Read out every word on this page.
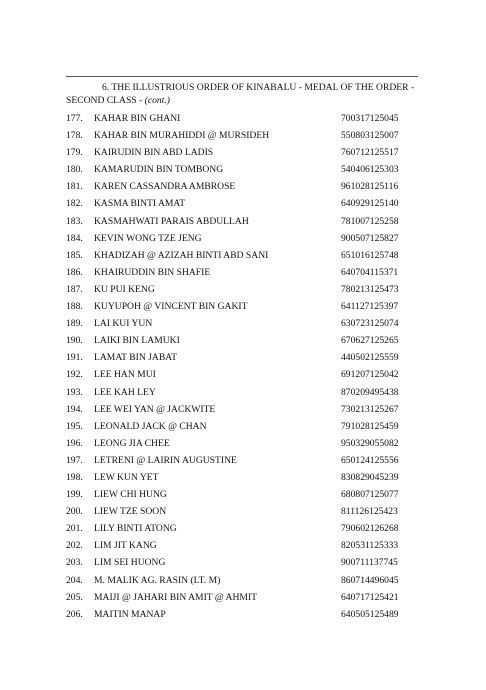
6. THE ILLUSTRIOUS ORDER OF KINABALU - MEDAL OF THE ORDER -
SECOND CLASS - (cont.)
177.	KAHAR BIN GHANI	700317125045
178.	KAHAR BIN MURAHIDDI @ MURSIDEH	550803125007
179.	KAIRUDIN BIN ABD LADIS	760712125517
180.	KAMARUDIN BIN TOMBONG	540406125303
181.	KAREN CASSANDRA AMBROSE	961028125116
182.	KASMA BINTI AMAT	640929125140
183.	KASMAHWATI PARAIS ABDULLAH	781007125258
184.	KEVIN WONG TZE JENG	900507125827
185.	KHADIZAH @ AZIZAH BINTI ABD SANI	651016125748
186.	KHAIRUDDIN BIN SHAFIE	640704115371
187.	KU PUI KENG	780213125473
188.	KUYUPOH @ VINCENT BIN GAKIT	641127125397
189.	LAI KUI YUN	630723125074
190.	LAIKI BIN LAMUKI	670627125265
191.	LAMAT BIN JABAT	440502125559
192.	LEE HAN MUI	691207125042
193.	LEE KAH LEY	870209495438
194.	LEE WEI YAN @ JACKWITE	730213125267
195.	LEONALD JACK @ CHAN	791028125459
196.	LEONG JIA CHEE	950329055082
197.	LETRENI @ LAIRIN AUGUSTINE	650124125556
198.	LEW KUN YET	830829045239
199.	LIEW CHI HUNG	680807125077
200.	LIEW TZE SOON	811126125423
201.	LILY BINTI ATONG	790602126268
202.	LIM JIT KANG	820531125333
203.	LIM SEI HUONG	900711137745
204.	M. MALIK AG. RASIN (LT. M)	860714496045
205.	MAIJI @ JAHARI BIN AMIT @ AHMIT	640717125421
206.	MAITIN MANAP	640505125489
